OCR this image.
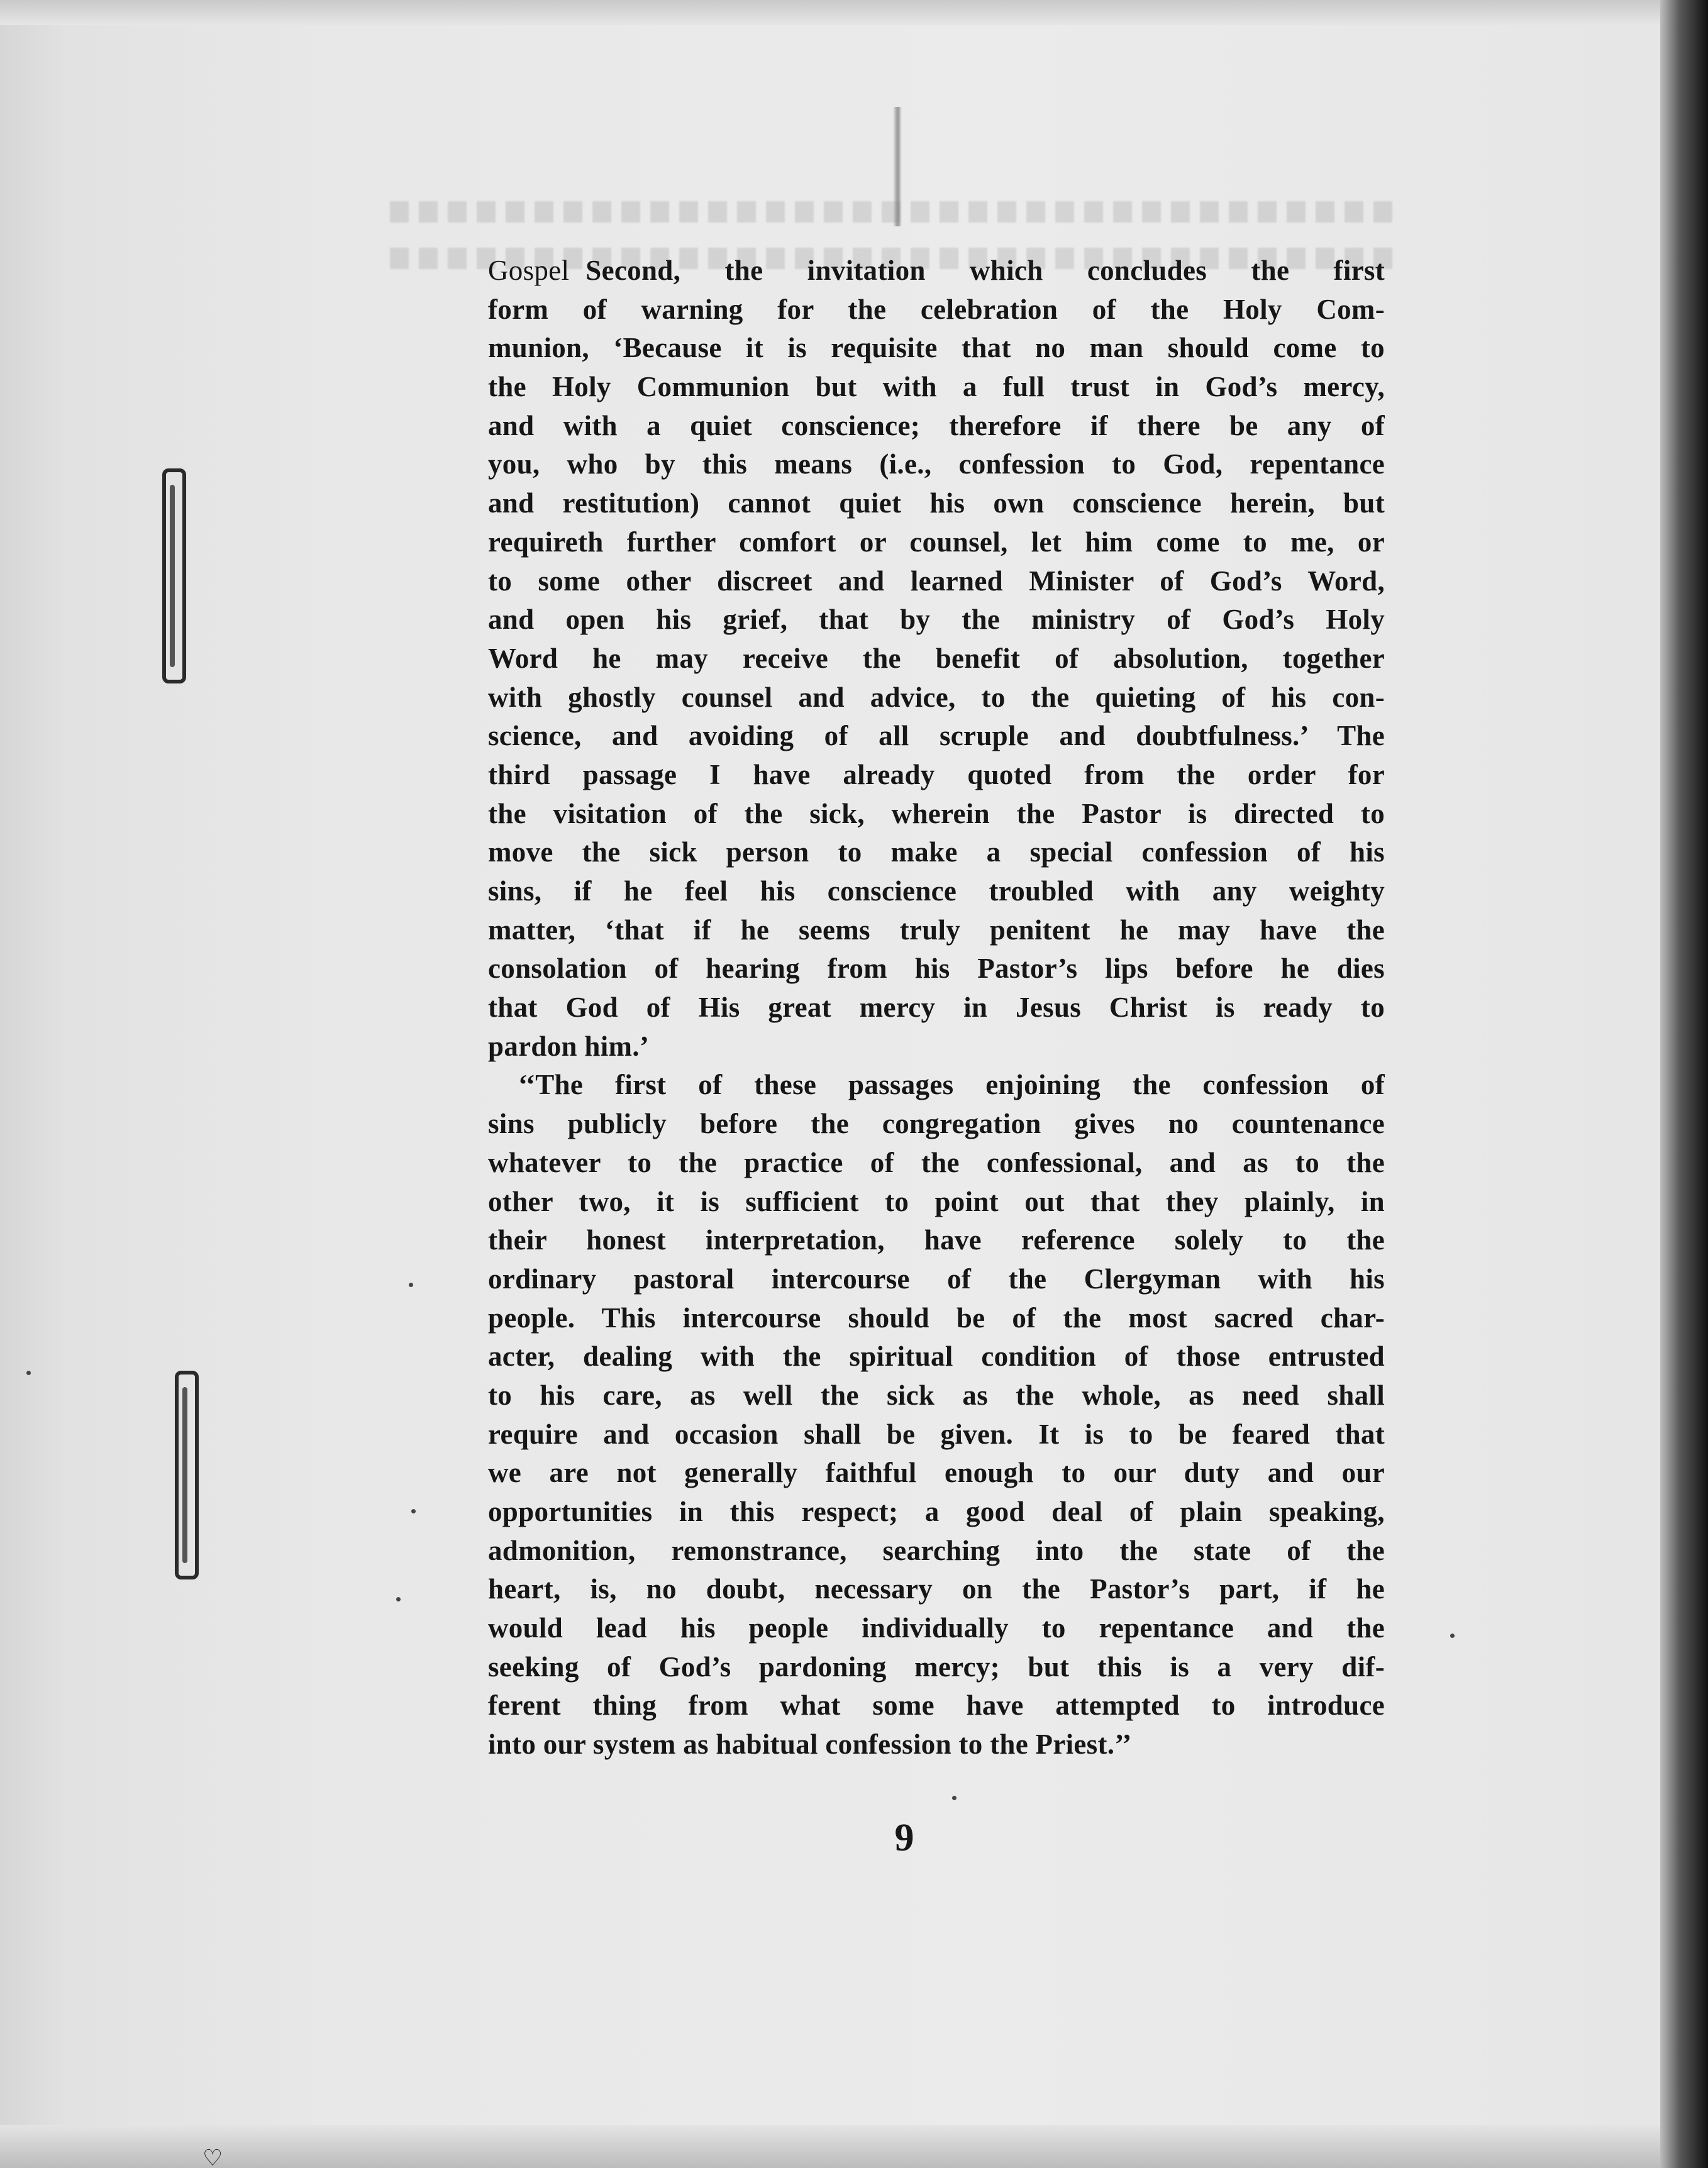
Gospel Second, the invitation which concludes the first
form of warning for the celebration of the Holy Com-
munion, ‘Because it is requisite that no man should come to
the Holy Communion but with a full trust in God’s mercy,
and with a quiet conscience; therefore if there be any of
you, who by this means (i.e., confession to God, repentance
and restitution) cannot quiet his own conscience herein, but
requireth further comfort or counsel, let him come to me, or
to some other discreet and learned Minister of God’s Word,
and open his grief, that by the ministry of God’s Holy
Word he may receive the benefit of absolution, together
with ghostly counsel and advice, to the quieting of his con-
science, and avoiding of all scruple and doubtfulness.’ The
third passage I have already quoted from the order for
the visitation of the sick, wherein the Pastor is directed to
move the sick person to make a special confession of his
sins, if he feel his conscience troubled with any weighty
matter, ‘that if he seems truly penitent he may have the
consolation of hearing from his Pastor’s lips before he dies
that God of His great mercy in Jesus Christ is ready to
pardon him.’
‘‘The first of these passages enjoining the confession of
sins publicly before the congregation gives no countenance
whatever to the practice of the confessional, and as to the
other two, it is sufficient to point out that they plainly, in
their honest interpretation, have reference solely to the
ordinary pastoral intercourse of the Clergyman with his
people. This intercourse should be of the most sacred char-
acter, dealing with the spiritual condition of those entrusted
to his care, as well the sick as the whole, as need shall
require and occasion shall be given. It is to be feared that
we are not generally faithful enough to our duty and our
opportunities in this respect; a good deal of plain speaking,
admonition, remonstrance, searching into the state of the
heart, is, no doubt, necessary on the Pastor’s part, if he
would lead his people individually to repentance and the
seeking of God’s pardoning mercy; but this is a very dif-
ferent thing from what some have attempted to introduce
into our system as habitual confession to the Priest.’’
9
♡
